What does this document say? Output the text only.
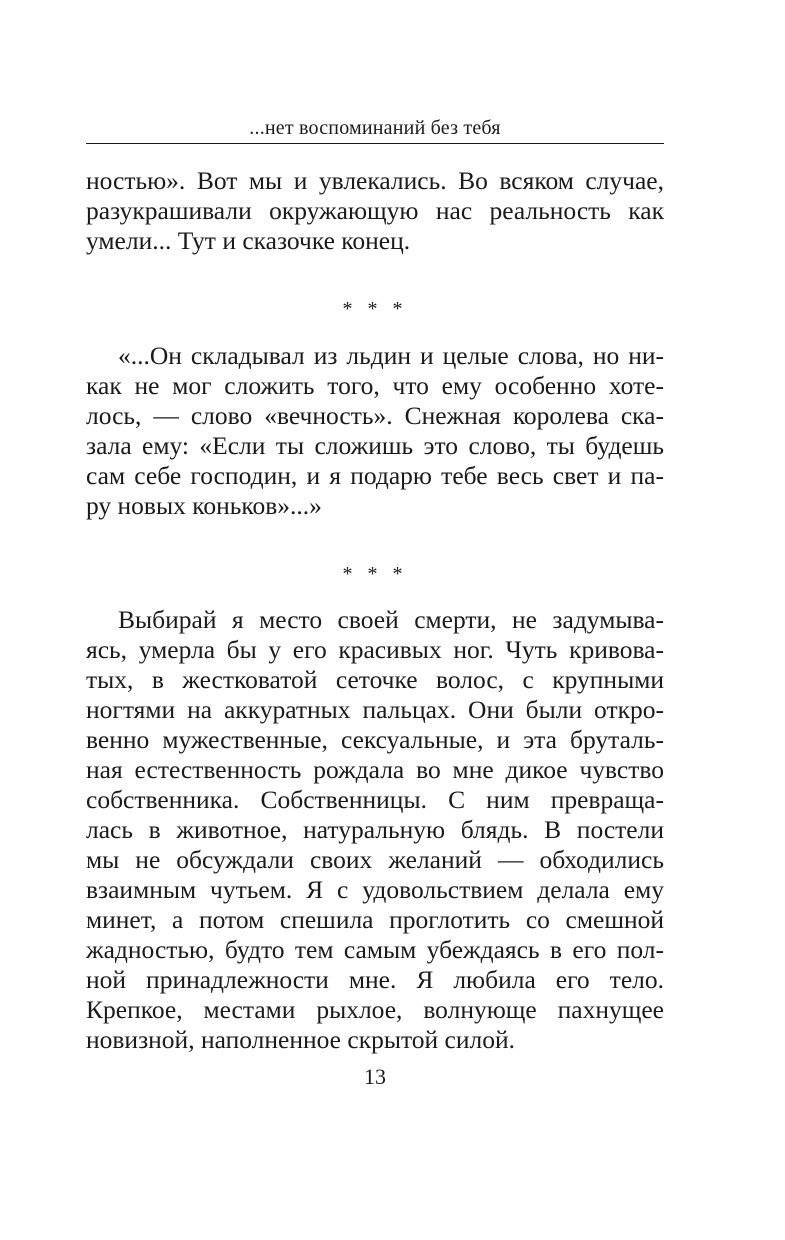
...нет воспоминаний без тебя
ностью». Вот мы и увлекались. Во всяком случае,
разукрашивали окружающую нас реальность как
умели... Тут и сказочке конец.
* * *
«...Он складывал из льдин и целые слова, но ни-
как не мог сложить того, что ему особенно хоте-
лось, — слово «вечность». Снежная королева ска-
зала ему: «Если ты сложишь это слово, ты будешь
сам себе господин, и я подарю тебе весь свет и па-
ру новых коньков»...»
* * *
Выбирай я место своей смерти, не задумыва-
ясь, умерла бы у его красивых ног. Чуть кривова-
тых, в жестковатой сеточке волос, с крупными
ногтями на аккуратных пальцах. Они были откро-
венно мужественные, сексуальные, и эта бруталь-
ная естественность рождала во мне дикое чувство
собственника. Собственницы. С ним превраща-
лась в животное, натуральную блядь. В постели
мы не обсуждали своих желаний — обходились
взаимным чутьем. Я с удовольствием делала ему
минет, а потом спешила проглотить со смешной
жадностью, будто тем самым убеждаясь в его пол-
ной принадлежности мне. Я любила его тело.
Крепкое, местами рыхлое, волнующе пахнущее
новизной, наполненное скрытой силой.
13
